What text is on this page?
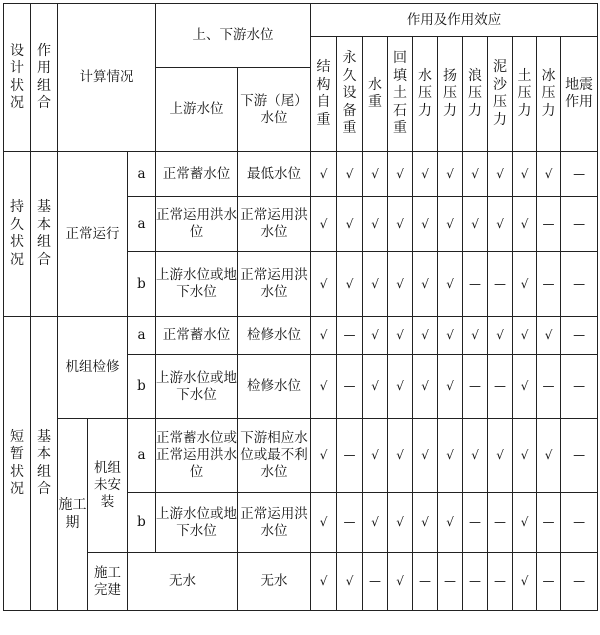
设计状况	作用组合	计算情况			上、下游水位		作用及作用效应										
							结构自重	永久设备重	水重	回填土石重	水压力	扬压力	浪压力	泥沙压力	土压力	冰压力	地震作用
					上游水位	下游（尾）水位											
持久状况	基本组合	正常运行		a	正常蓄水位	最低水位	√	√	√	√	√	√	√	√	√	√	—
				a	正常运用洪水位	正常运用洪水位	√	√	√	√	√	√	√	√	√	—	—
				b	上游水位或地下水位	正常运用洪水位	√	√	√	√	√	√	—	—	√	—	—
短暂状况	基本组合	机组检修		a	正常蓄水位	检修水位	√	—	√	√	√	√	√	√	√	√	—
				b	上游水位或地下水位	检修水位	√	—	√	√	√	√	—	—	√	—	—
		施工期	机组未安装	a	正常蓄水位或正常运用洪水位	下游相应水位或最不利水位	√	—	√	√	√	√	√	√	√	√	—
				b	上游水位或地下水位	正常运用洪水位	√	—	√	√	√	√	—	—	√	—	—
			施工完建	无水		无水	√	√	—	√	—	—	—	—	√	—	—
